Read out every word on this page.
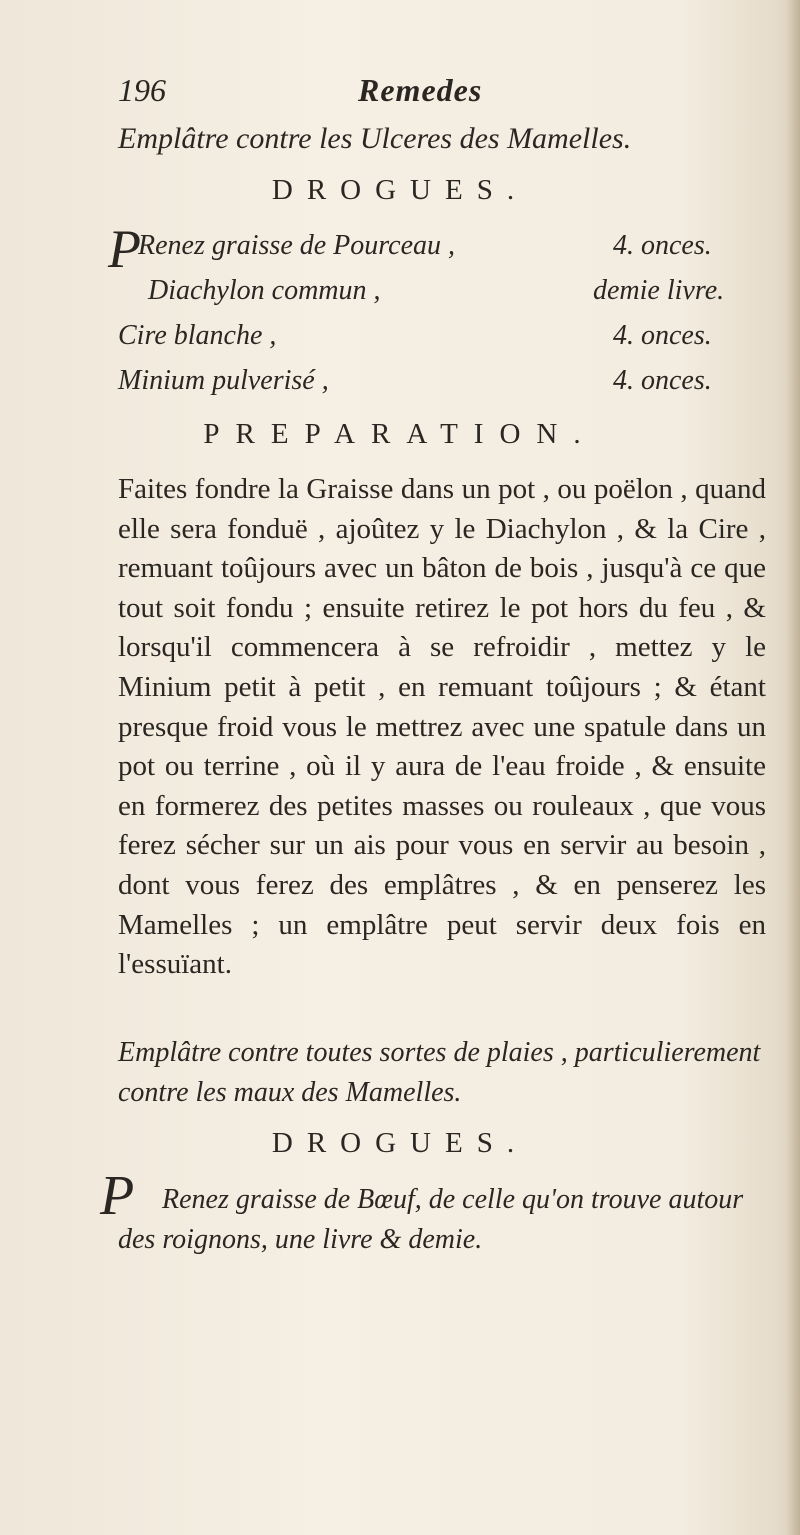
196	Remedes
Emplâtre contre les Ulceres des Mamelles.
DROGUES.
P
Renez graisse de Pourceau ,	4. onces.
Diachylon commun ,	demie livre.
Cire blanche ,	4. onces.
Minium pulverisé ,	4. onces.
PREPARATION.
Faites fondre la Graisse dans un pot , ou poëlon , quand elle sera fonduë , ajoûtez y le Diachylon , & la Cire , remuant toûjours avec un bâton de bois , jusqu'à ce que tout soit fondu ; ensuite retirez le pot hors du feu , & lorsqu'il commencera à se refroidir , mettez y le Minium petit à petit , en remuant toûjours ; & étant presque froid vous le mettrez avec une spatule dans un pot ou terrine , où il y aura de l'eau froide , & ensuite en formerez des petites masses ou rouleaux , que vous ferez sécher sur un ais pour vous en servir au besoin , dont vous ferez des emplâtres , & en penserez les Mamelles ; un emplâtre peut servir deux fois en l'essuïant.
Emplâtre contre toutes sortes de plaies , particulierement contre les maux des Mamelles.
DROGUES.
P Renez graisse de Bœuf, de celle qu'on trouve autour des roignons, une livre & demie.
